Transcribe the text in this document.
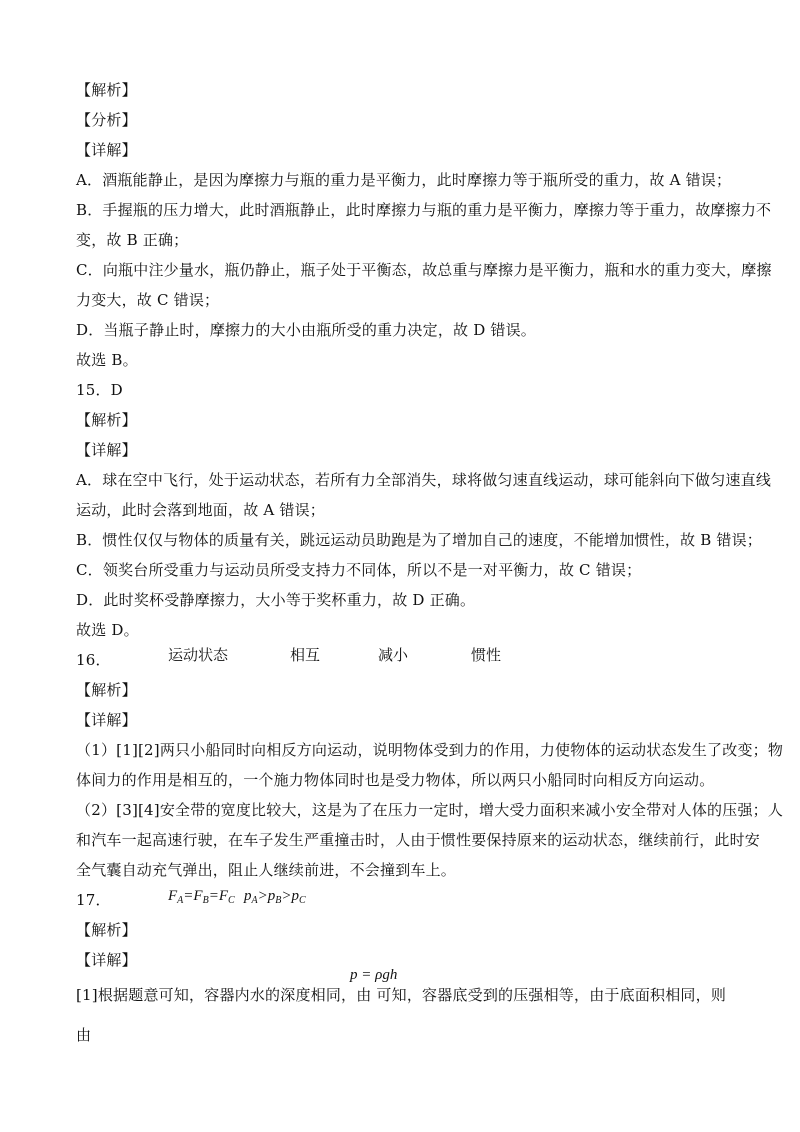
【解析】
【分析】
【详解】
A．酒瓶能静止，是因为摩擦力与瓶的重力是平衡力，此时摩擦力等于瓶所受的重力，故 A 错误；
B．手握瓶的压力增大，此时酒瓶静止，此时摩擦力与瓶的重力是平衡力，摩擦力等于重力，故摩擦力不
变，故 B 正确；
C．向瓶中注少量水，瓶仍静止，瓶子处于平衡态，故总重与摩擦力是平衡力，瓶和水的重力变大，摩擦
力变大，故 C 错误；
D．当瓶子静止时，摩擦力的大小由瓶所受的重力决定，故 D 错误。
故选 B。
15．D
【解析】
【详解】
A．球在空中飞行，处于运动状态，若所有力全部消失，球将做匀速直线运动，球可能斜向下做匀速直线
运动，此时会落到地面，故 A 错误；
B．惯性仅仅与物体的质量有关，跳远运动员助跑是为了增加自己的速度，不能增加惯性，故 B 错误；
C．领奖台所受重力与运动员所受支持力不同体，所以不是一对平衡力，故 C 错误；
D．此时奖杯受静摩擦力，大小等于奖杯重力，故 D 正确。
故选 D。
16．
【解析】
【详解】
（1）[1][2]两只小船同时向相反方向运动，说明物体受到力的作用，力使物体的运动状态发生了改变；物
体间力的作用是相互的，一个施力物体同时也是受力物体，所以两只小船同时向相反方向运动。
（2）[3][4]安全带的宽度比较大，这是为了在压力一定时，增大受力面积来减小安全带对人体的压强；人
和汽车一起高速行驶，在车子发生严重撞击时，人由于惯性要保持原来的运动状态，继续前行，此时安
全气囊自动充气弹出，阻止人继续前进，不会撞到车上。
17．
【解析】
【详解】
[1]根据题意可知，容器内水的深度相同，由 可知，容器底受到的压强相等，由于底面积相同，则
由
运动状态	相互	减小	惯性
$F_A=F_B=F_C$ $p_A>p_B>p_C$
p = ρgh
